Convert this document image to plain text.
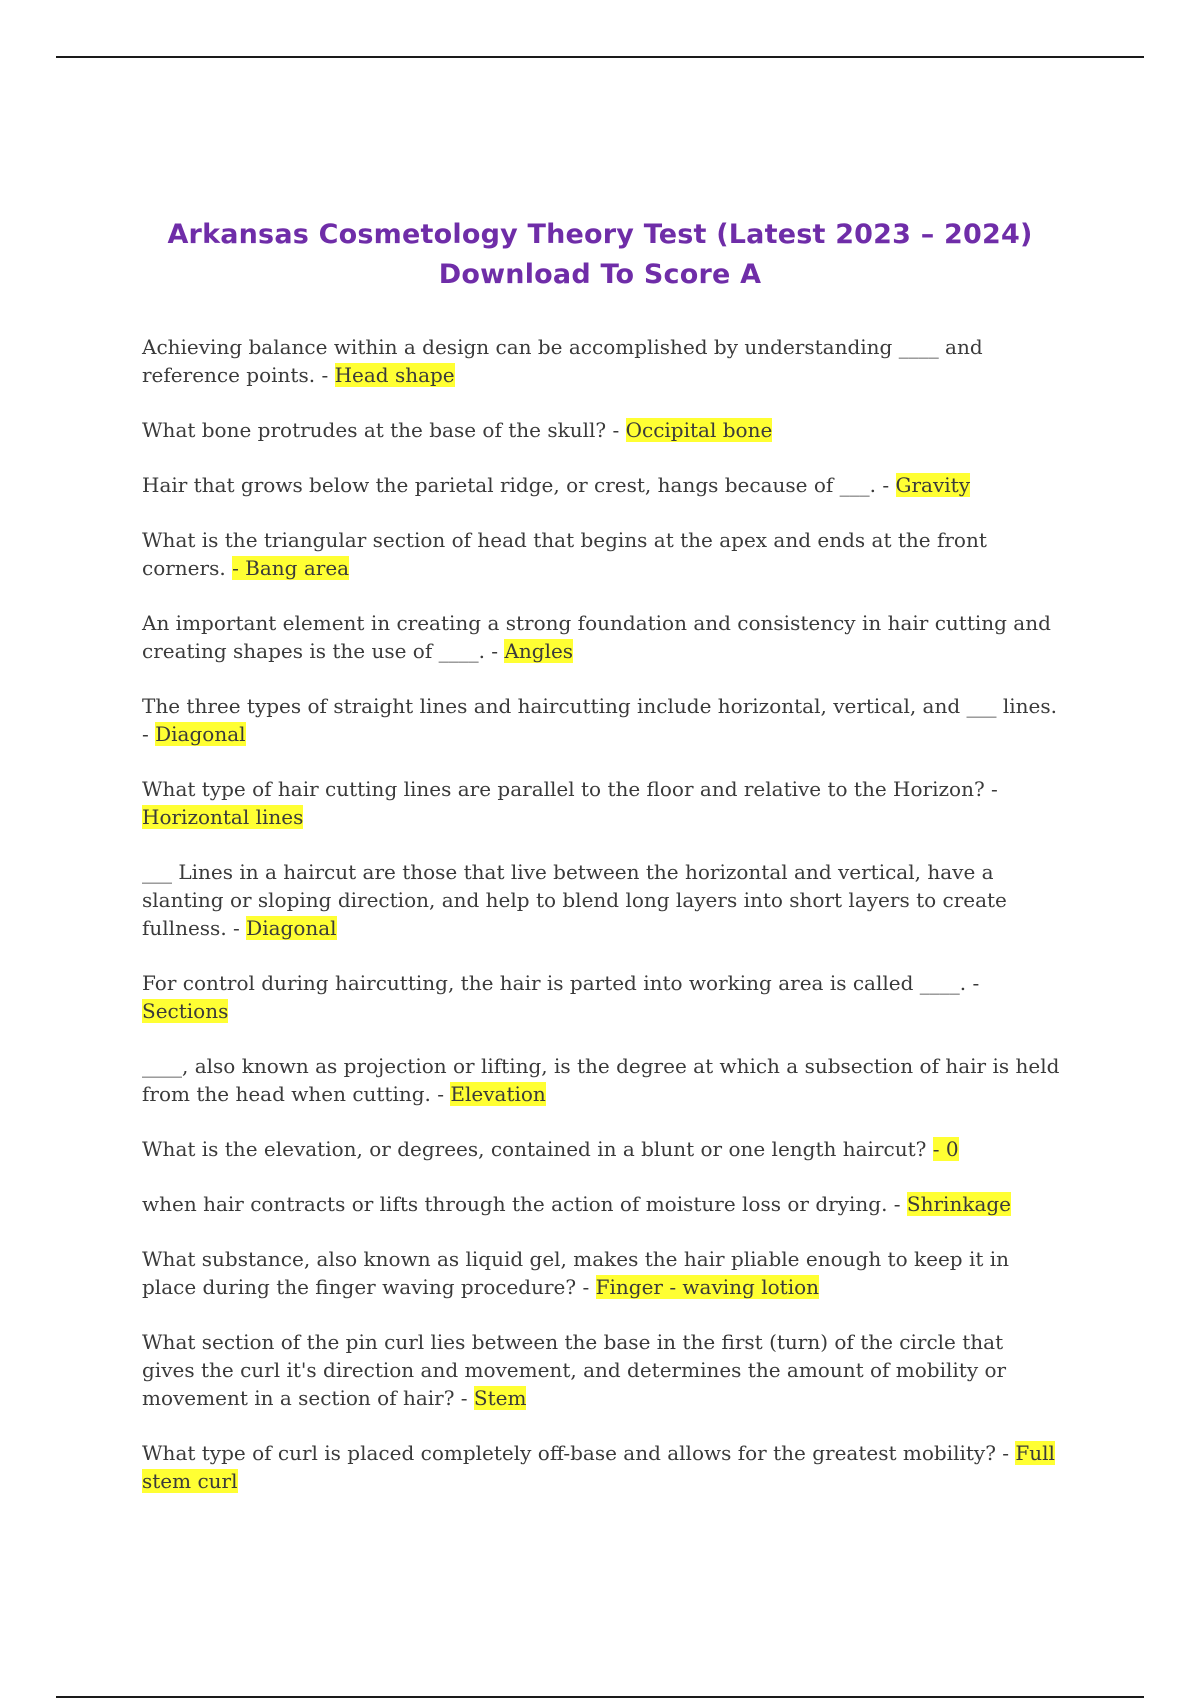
Arkansas Cosmetology Theory Test (Latest 2023 – 2024)
Download To Score A
Achieving balance within a design can be accomplished by understanding ____ and reference points. - Head shape
What bone protrudes at the base of the skull? - Occipital bone
Hair that grows below the parietal ridge, or crest, hangs because of ___. - Gravity
What is the triangular section of head that begins at the apex and ends at the front corners. - Bang area
An important element in creating a strong foundation and consistency in hair cutting and creating shapes is the use of ____. - Angles
The three types of straight lines and haircutting include horizontal, vertical, and ___ lines. - Diagonal
What type of hair cutting lines are parallel to the floor and relative to the Horizon? - Horizontal lines
___ Lines in a haircut are those that live between the horizontal and vertical, have a slanting or sloping direction, and help to blend long layers into short layers to create fullness. - Diagonal
For control during haircutting, the hair is parted into working area is called ____. - Sections
____, also known as projection or lifting, is the degree at which a subsection of hair is held from the head when cutting. - Elevation
What is the elevation, or degrees, contained in a blunt or one length haircut? - 0
when hair contracts or lifts through the action of moisture loss or drying. - Shrinkage
What substance, also known as liquid gel, makes the hair pliable enough to keep it in place during the finger waving procedure? - Finger - waving lotion
What section of the pin curl lies between the base in the first (turn) of the circle that gives the curl it's direction and movement, and determines the amount of mobility or movement in a section of hair? - Stem
What type of curl is placed completely off-base and allows for the greatest mobility? - Full stem curl
